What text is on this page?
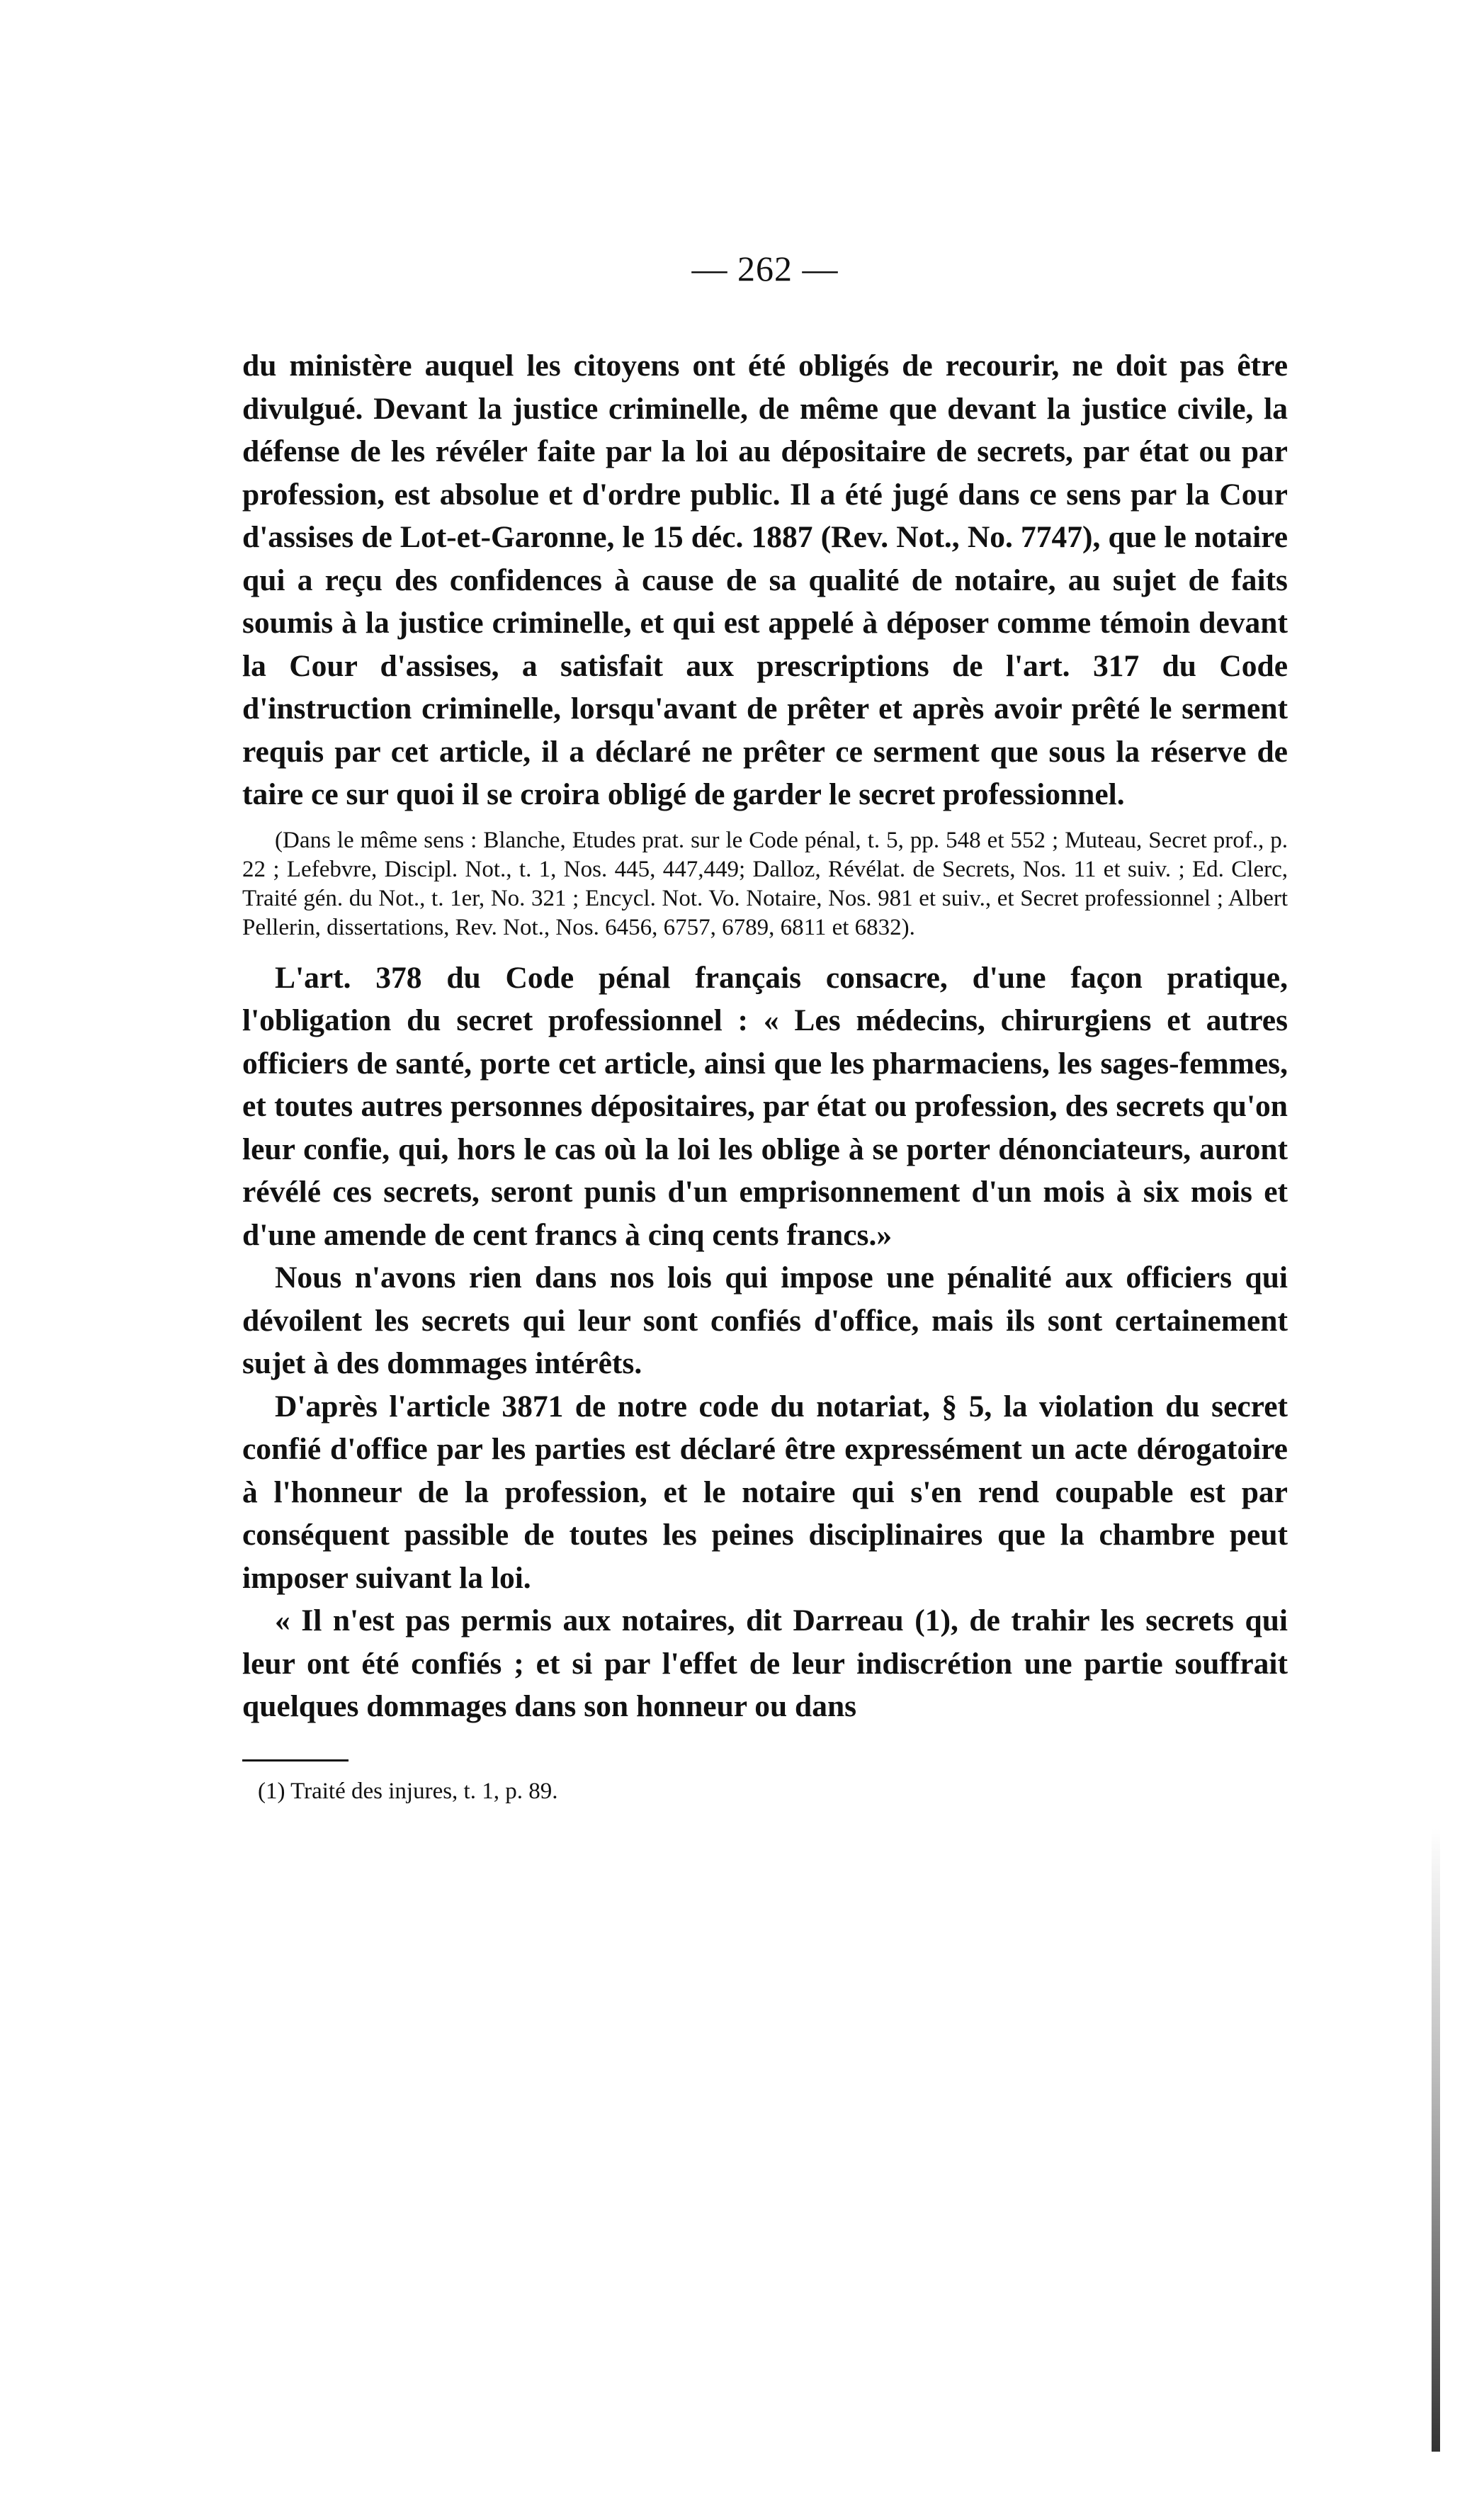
— 262 —

du ministère auquel les citoyens ont été obligés de recourir, ne doit pas être divulgué. Devant la justice criminelle, de même que devant la justice civile, la défense de les révéler faite par la loi au dépositaire de secrets, par état ou par profession, est absolue et d'ordre public. Il a été jugé dans ce sens par la Cour d'assises de Lot-et-Garonne, le 15 déc. 1887 (Rev. Not., No. 7747), que le notaire qui a reçu des confidences à cause de sa qualité de notaire, au sujet de faits soumis à la justice criminelle, et qui est appelé à déposer comme témoin devant la Cour d'assises, a satisfait aux prescriptions de l'art. 317 du Code d'instruction criminelle, lorsqu'avant de prêter et après avoir prêté le serment requis par cet article, il a déclaré ne prêter ce serment que sous la réserve de taire ce sur quoi il se croira obligé de garder le secret professionnel.

(Dans le même sens : Blanche, Etudes prat. sur le Code pénal, t. 5, pp. 548 et 552 ; Muteau, Secret prof., p. 22 ; Lefebvre, Discipl. Not., t. 1, Nos. 445, 447,449; Dalloz, Révélat. de Secrets, Nos. 11 et suiv. ; Ed. Clerc, Traité gén. du Not., t. 1er, No. 321 ; Encycl. Not. Vo. Notaire, Nos. 981 et suiv., et Secret professionnel ; Albert Pellerin, dissertations, Rev. Not., Nos. 6456, 6757, 6789, 6811 et 6832).

L'art. 378 du Code pénal français consacre, d'une façon pratique, l'obligation du secret professionnel : « Les médecins, chirurgiens et autres officiers de santé, porte cet article, ainsi que les pharmaciens, les sages-femmes, et toutes autres personnes dépositaires, par état ou profession, des secrets qu'on leur confie, qui, hors le cas où la loi les oblige à se porter dénonciateurs, auront révélé ces secrets, seront punis d'un emprisonnement d'un mois à six mois et d'une amende de cent francs à cinq cents francs.»

Nous n'avons rien dans nos lois qui impose une pénalité aux officiers qui dévoilent les secrets qui leur sont confiés d'office, mais ils sont certainement sujet à des dommages intérêts.

D'après l'article 3871 de notre code du notariat, § 5, la violation du secret confié d'office par les parties est déclaré être expressément un acte dérogatoire à l'honneur de la profession, et le notaire qui s'en rend coupable est par conséquent passible de toutes les peines disciplinaires que la chambre peut imposer suivant la loi.

« Il n'est pas permis aux notaires, dit Darreau (1), de trahir les secrets qui leur ont été confiés ; et si par l'effet de leur indiscrétion une partie souffrait quelques dommages dans son honneur ou dans

(1) Traité des injures, t. 1, p. 89.
